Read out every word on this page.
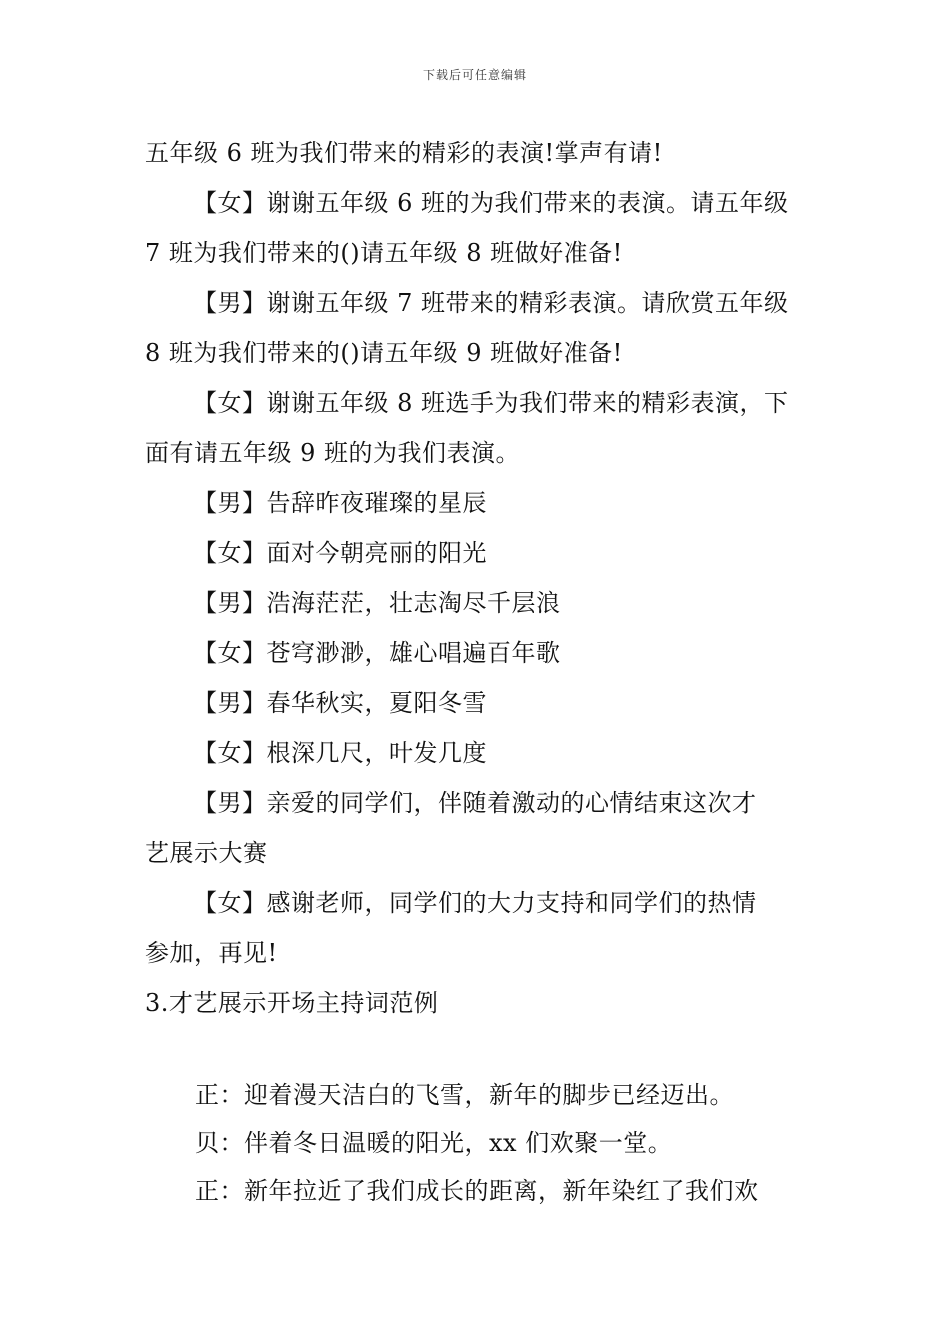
下载后可任意编辑
五年级 6 班为我们带来的精彩的表演!掌声有请!
【女】谢谢五年级 6 班的为我们带来的表演。请五年级
7 班为我们带来的()请五年级 8 班做好准备!
【男】谢谢五年级 7 班带来的精彩表演。请欣赏五年级
8 班为我们带来的()请五年级 9 班做好准备!
【女】谢谢五年级 8 班选手为我们带来的精彩表演，下
面有请五年级 9 班的为我们表演。
【男】告辞昨夜璀璨的星辰
【女】面对今朝亮丽的阳光
【男】浩海茫茫，壮志淘尽千层浪
【女】苍穹渺渺，雄心唱遍百年歌
【男】春华秋实，夏阳冬雪
【女】根深几尺，叶发几度
【男】亲爱的同学们，伴随着激动的心情结束这次才
艺展示大赛
【女】感谢老师，同学们的大力支持和同学们的热情
参加，再见!
3.才艺展示开场主持词范例
正：迎着漫天洁白的飞雪，新年的脚步已经迈出。
贝：伴着冬日温暖的阳光，xx 们欢聚一堂。
正：新年拉近了我们成长的距离，新年染红了我们欢
